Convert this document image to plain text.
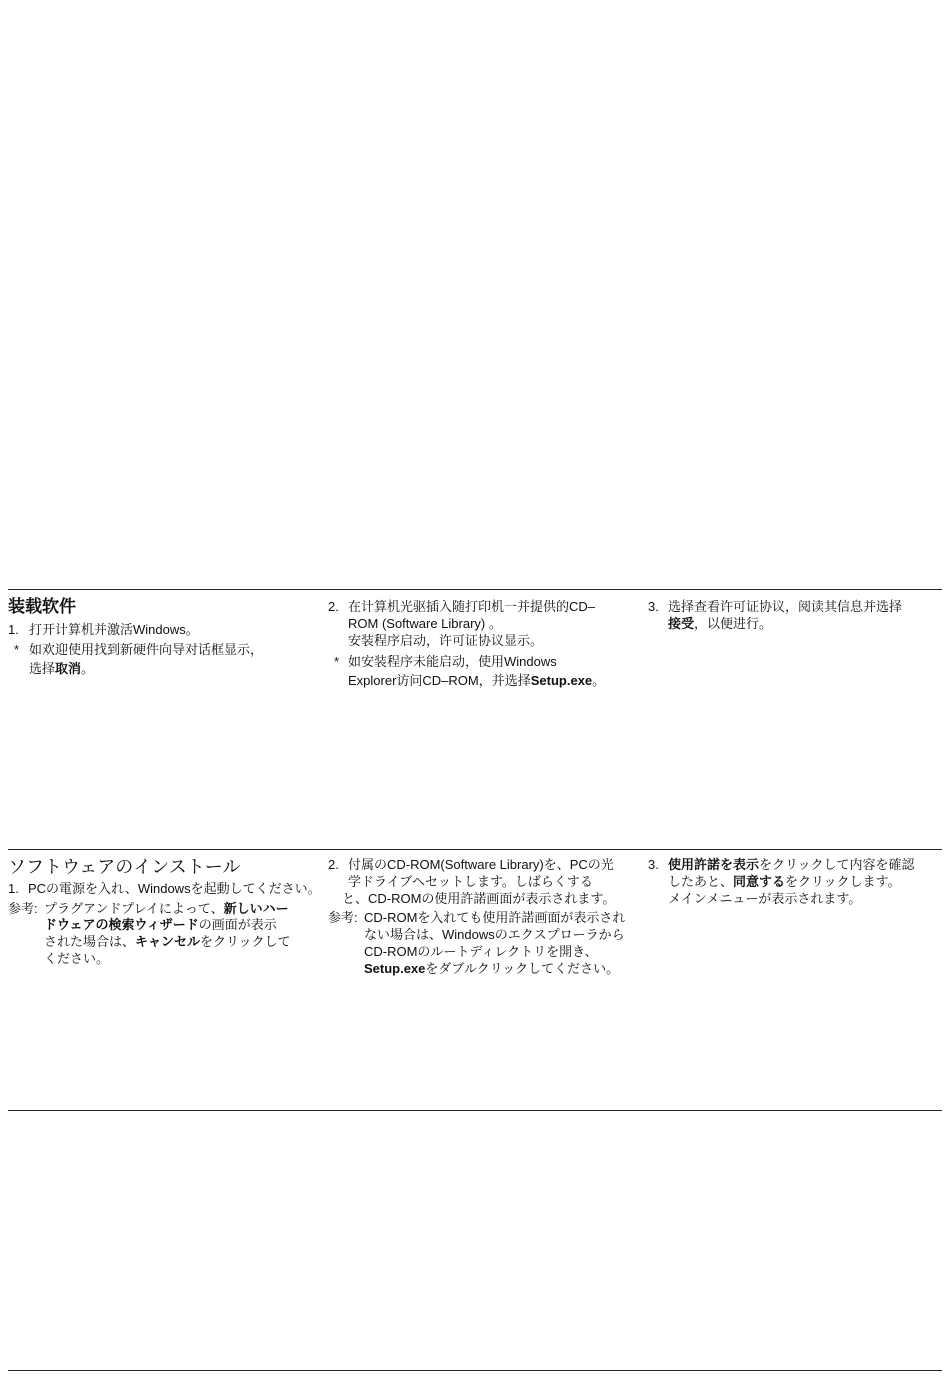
装载软件
1. 打开计算机并激活Windows。
* 如欢迎使用找到新硬件向导对话框显示，
选择取消。
2. 在计算机光驱插入随打印机一并提供的CD–
ROM (Software Library) 。
安装程序启动，许可证协议显示。
* 如安装程序未能启动，使用Windows
Explorer访问CD–ROM，并选择Setup.exe。
3. 选择查看许可证协议，阅读其信息并选择
接受，以便进行。
ソフトウェアのインストール
1. PCの電源を入れ、Windowsを起動してください。
参考: プラグアンドプレイによって、新しいハー
ドウェアの検索ウィザードの画面が表示
された場合は、キャンセルをクリックして
ください。
2. 付属のCD-ROM(Software Library)を、PCの光
学ドライブへセットします。しばらくする
と、CD-ROMの使用許諾画面が表示されます。
参考: CD-ROMを入れても使用許諾画面が表示され
ない場合は、Windowsのエクスプローラから
CD-ROMのルートディレクトリを開き、
Setup.exeをダブルクリックしてください。
3. 使用許諾を表示をクリックして内容を確認
したあと、同意するをクリックします。
メインメニューが表示されます。
